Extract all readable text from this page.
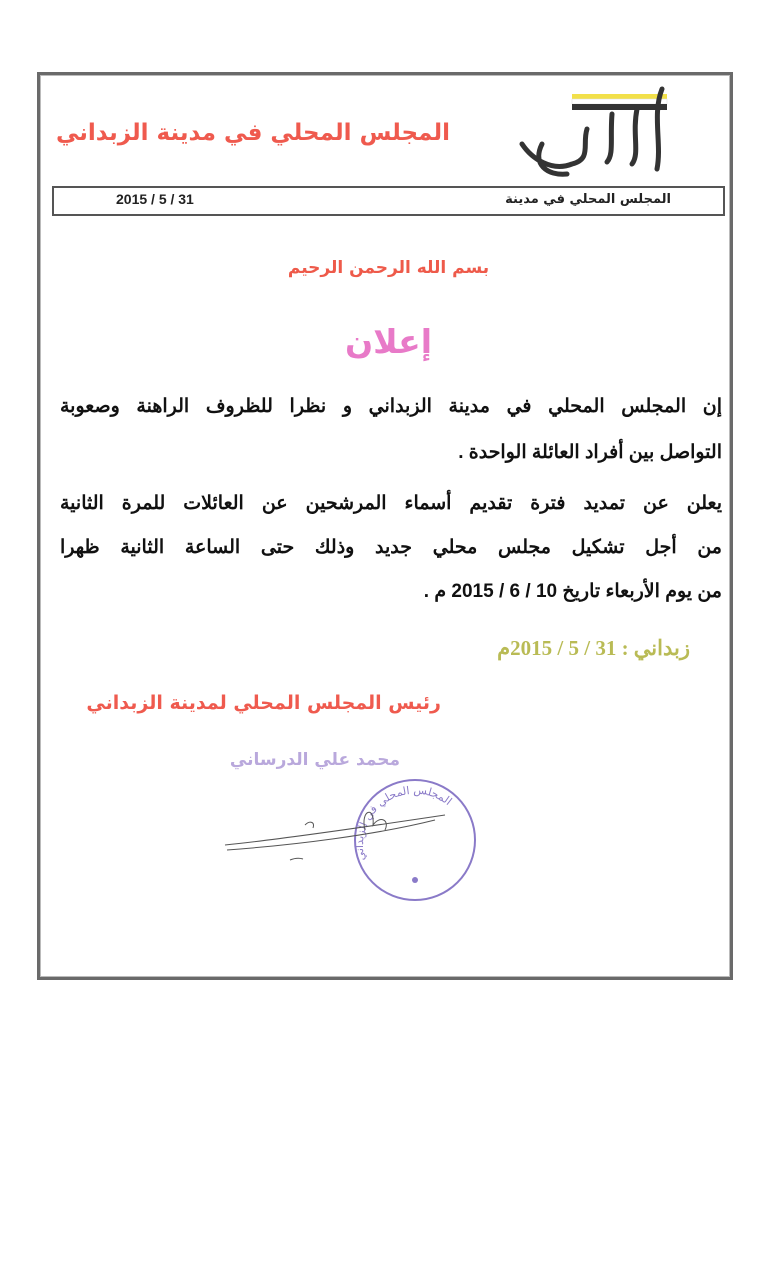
المجلس المحلي في مدينة الزبداني
2015 / 5 / 31	المجلس المحلي في مدينة
بسم الله الرحمن الرحيم
إعلان
إن المجلس المحلي في مدينة الزبداني و نظرا للظروف الراهنة وصعوبة
التواصل بين أفراد العائلة الواحدة .
يعلن عن تمديد فترة تقديم أسماء المرشحين عن العائلات للمرة الثانية
من أجل تشكيل مجلس محلي جديد وذلك حتى الساعة الثانية ظهرا
من يوم الأربعاء تاريخ 10 / 6 / 2015 م .
زبداني : 31 / 5 / 2015م
رئيس المجلس المحلي لمدينة الزبداني
محمد علي الدرساني
المجلس المحلي في الزبداني
